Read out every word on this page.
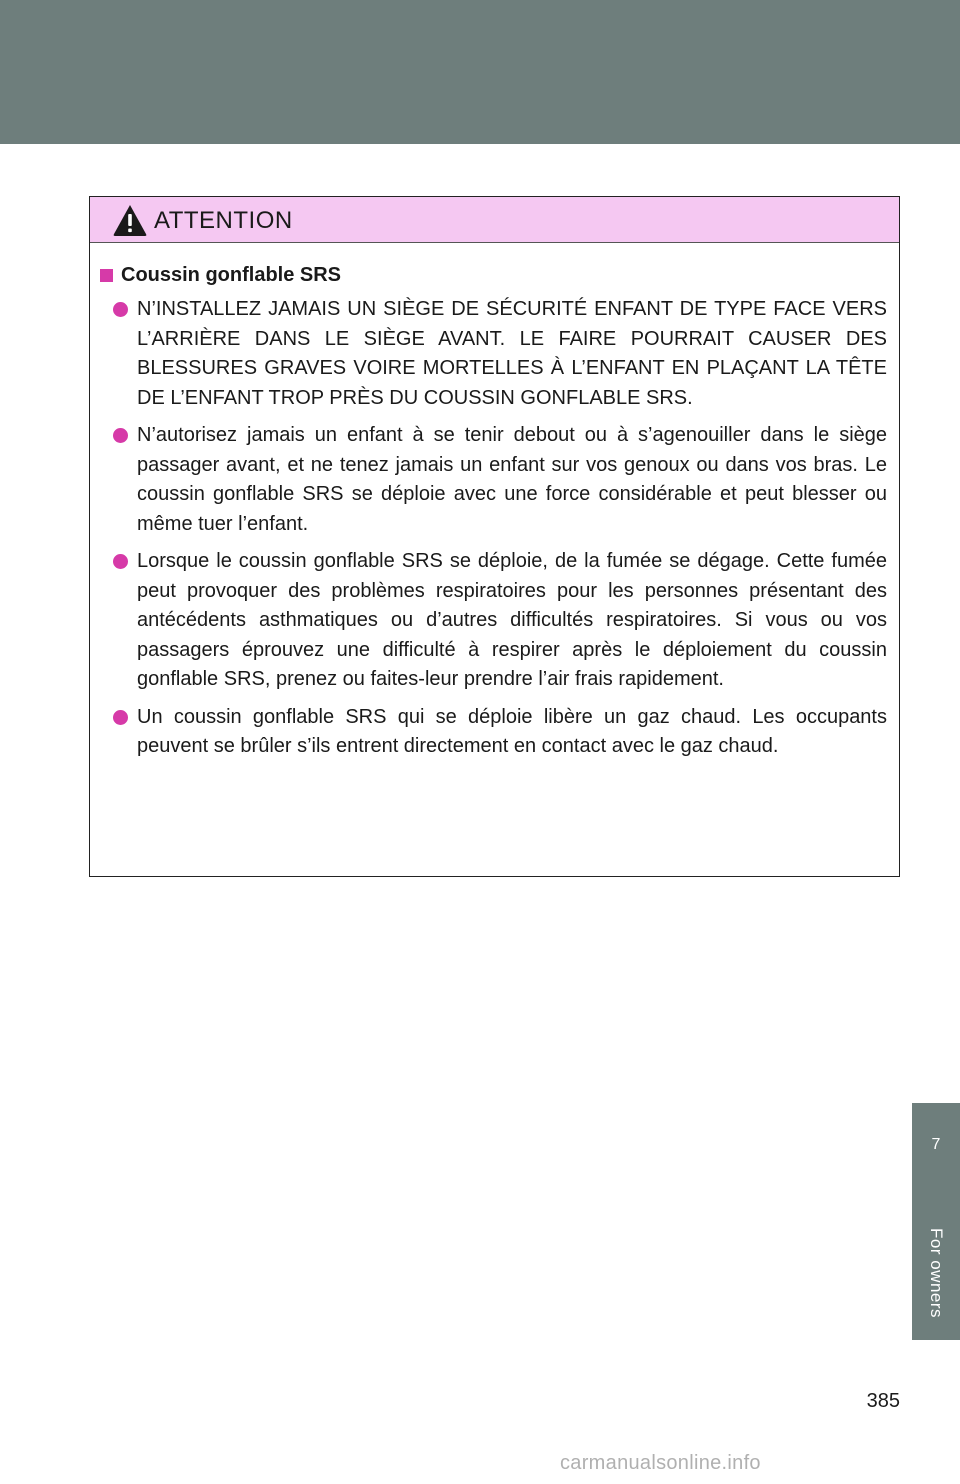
ATTENTION
Coussin gonflable SRS
N’INSTALLEZ JAMAIS UN SIÈGE DE SÉCURITÉ ENFANT DE TYPE FACE VERS L’ARRIÈRE DANS LE SIÈGE AVANT. LE FAIRE POURRAIT CAUSER DES BLESSURES GRAVES VOIRE MORTELLES À L’ENFANT EN PLAÇANT LA TÊTE DE L’ENFANT TROP PRÈS DU COUSSIN GONFLABLE SRS.
N’autorisez jamais un enfant à se tenir debout ou à s’agenouiller dans le siège passager avant, et ne tenez jamais un enfant sur vos genoux ou dans vos bras. Le coussin gonflable SRS se déploie avec une force considérable et peut blesser ou même tuer l’enfant.
Lorsque le coussin gonflable SRS se déploie, de la fumée se dégage. Cette fumée peut provoquer des problèmes respiratoires pour les personnes présentant des antécédents asthmatiques ou d’autres difficultés respiratoires. Si vous ou vos passagers éprouvez une difficulté à respirer après le déploiement du coussin gonflable SRS, prenez ou faites-leur prendre l’air frais rapidement.
Un coussin gonflable SRS qui se déploie libère un gaz chaud. Les occupants peuvent se brûler s’ils entrent directement en contact avec le gaz chaud.
7
For owners
385
carmanualsonline.info
